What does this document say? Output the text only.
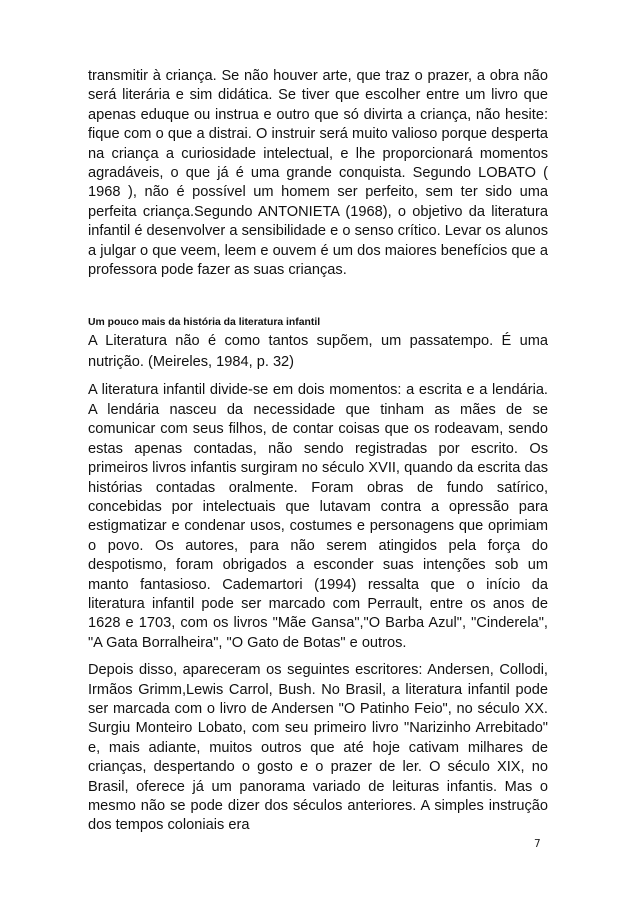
transmitir à criança. Se não houver arte, que traz o prazer, a obra não será literária e sim didática. Se tiver que escolher entre um livro que apenas eduque ou instrua e outro que só divirta a criança, não hesite: fique com o que a distrai. O instruir será muito valioso porque desperta na criança a curiosidade intelectual, e lhe proporcionará momentos agradáveis, o que já é uma grande conquista. Segundo LOBATO ( 1968 ), não é possível um homem ser perfeito, sem ter sido uma perfeita criança.Segundo ANTONIETA (1968), o objetivo da literatura infantil é desenvolver a sensibilidade e o senso crítico. Levar os alunos a julgar o que veem, leem e ouvem é um dos maiores benefícios que a professora pode fazer as suas crianças.

Um pouco mais da história da literatura infantil

A Literatura não é como tantos supõem, um passatempo. É uma nutrição. (Meireles, 1984, p. 32)

A literatura infantil divide-se em dois momentos: a escrita e a lendária. A lendária nasceu da necessidade que tinham as mães de se comunicar com seus filhos, de contar coisas que os rodeavam, sendo estas apenas contadas, não sendo registradas por escrito. Os primeiros livros infantis surgiram no século XVII, quando da escrita das histórias contadas oralmente. Foram obras de fundo satírico, concebidas por intelectuais que lutavam contra a opressão para estigmatizar e condenar usos, costumes e personagens que oprimiam o povo. Os autores, para não serem atingidos pela força do despotismo, foram obrigados a esconder suas intenções sob um manto fantasioso. Cademartori (1994) ressalta que o início da literatura infantil pode ser marcado com Perrault, entre os anos de 1628 e 1703, com os livros "Mãe Gansa","O Barba Azul", "Cinderela", "A Gata Borralheira", "O Gato de Botas" e outros.

Depois disso, apareceram os seguintes escritores: Andersen, Collodi, Irmãos Grimm,Lewis Carrol, Bush. No Brasil, a literatura infantil pode ser marcada com o livro de Andersen "O Patinho Feio", no século XX. Surgiu Monteiro Lobato, com seu primeiro livro "Narizinho Arrebitado" e, mais adiante, muitos outros que até hoje cativam milhares de crianças, despertando o gosto e o prazer de ler. O século XIX, no Brasil, oferece já um panorama variado de leituras infantis. Mas o mesmo não se pode dizer dos séculos anteriores. A simples instrução dos tempos coloniais era

7
